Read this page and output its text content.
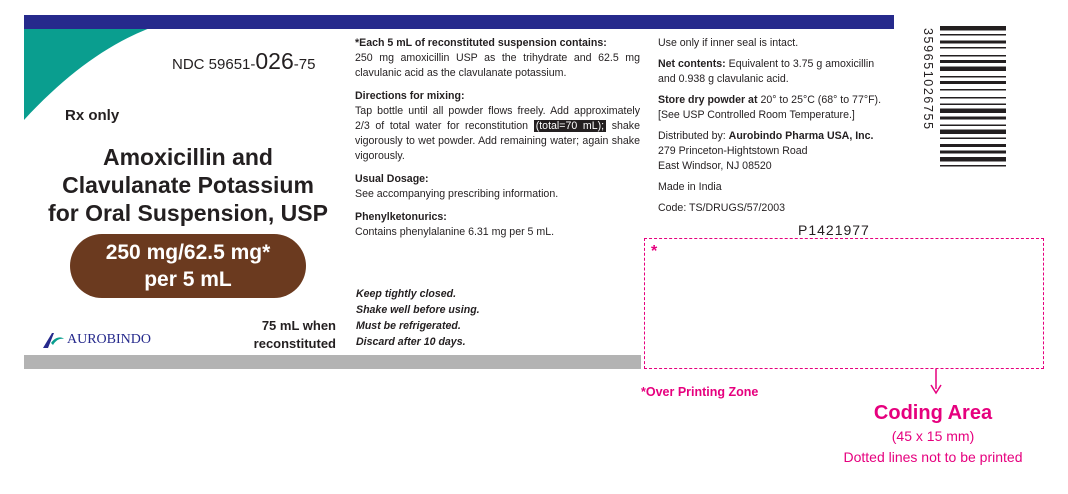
NDC 59651-026-75
Rx only
Amoxicillin and
Clavulanate Potassium
for Oral Suspension, USP
250 mg/62.5 mg*
per 5 mL
AUROBINDO
75 mL when
reconstituted

*Each 5 mL of reconstituted suspension contains:
250 mg amoxicillin USP as the trihydrate and 62.5 mg clavulanic acid as the clavulanate potassium.

Directions for mixing:
Tap bottle until all powder flows freely. Add approximately 2/3 of total water for reconstitution (total=70 mL); shake vigorously to wet powder. Add remaining water; again shake vigorously.

Usual Dosage:
See accompanying prescribing information.

Phenylketonurics:
Contains phenylalanine 6.31 mg per 5 mL.

Keep tightly closed.
Shake well before using.
Must be refrigerated.
Discard after 10 days.

Use only if inner seal is intact.

Net contents: Equivalent to 3.75 g amoxicillin and 0.938 g clavulanic acid.

Store dry powder at 20° to 25°C (68° to 77°F).
[See USP Controlled Room Temperature.]

Distributed by: Aurobindo Pharma USA, Inc.
279 Princeton-Hightstown Road
East Windsor, NJ 08520

Made in India

Code: TS/DRUGS/57/2003

359651026755
P1421977
*
*Over Printing Zone
Coding Area
(45 x 15 mm)
Dotted lines not to be printed
